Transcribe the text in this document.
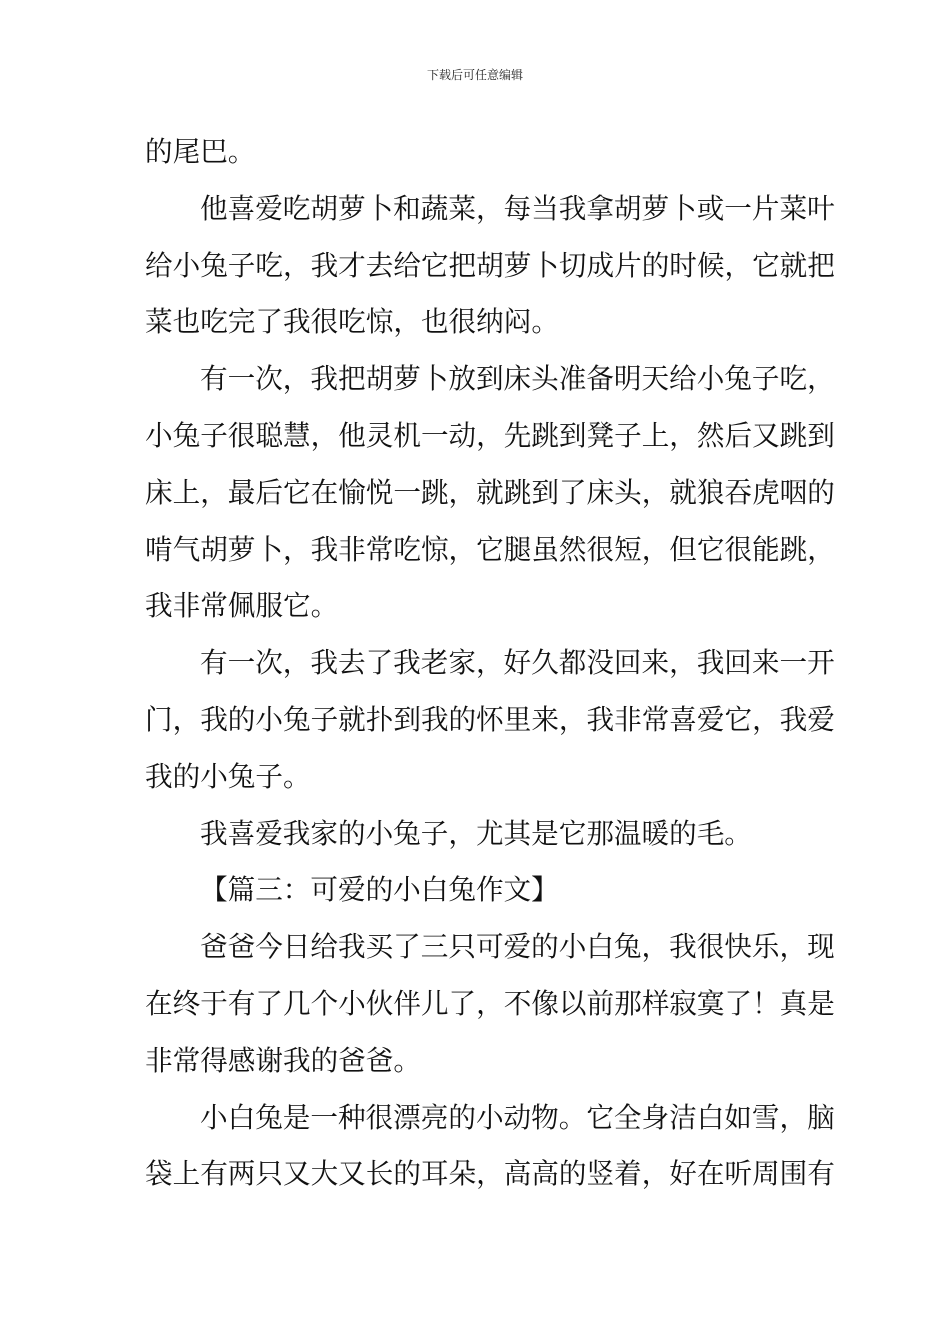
下载后可任意编辑
的尾巴。
他喜爱吃胡萝卜和蔬菜，每当我拿胡萝卜或一片菜叶
给小兔子吃，我才去给它把胡萝卜切成片的时候，它就把
菜也吃完了我很吃惊，也很纳闷。
有一次，我把胡萝卜放到床头准备明天给小兔子吃，
小兔子很聪慧，他灵机一动，先跳到凳子上，然后又跳到
床上，最后它在愉悦一跳，就跳到了床头，就狼吞虎咽的
啃气胡萝卜，我非常吃惊，它腿虽然很短，但它很能跳，
我非常佩服它。
有一次，我去了我老家，好久都没回来，我回来一开
门，我的小兔子就扑到我的怀里来，我非常喜爱它，我爱
我的小兔子。
我喜爱我家的小兔子，尤其是它那温暖的毛。
【篇三：可爱的小白兔作文】
爸爸今日给我买了三只可爱的小白兔，我很快乐，现
在终于有了几个小伙伴儿了，不像以前那样寂寞了！真是
非常得感谢我的爸爸。
小白兔是一种很漂亮的小动物。它全身洁白如雪，脑
袋上有两只又大又长的耳朵，高高的竖着，好在听周围有
